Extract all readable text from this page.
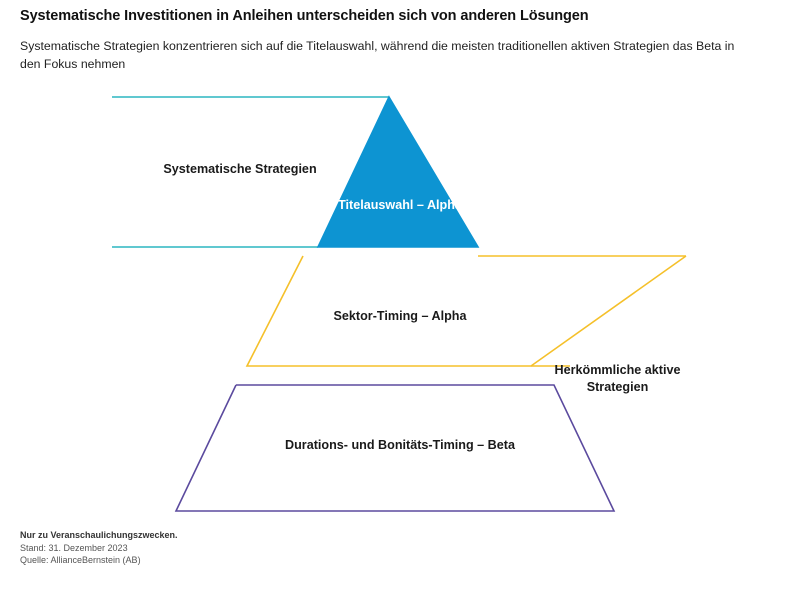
Systematische Investitionen in Anleihen unterscheiden sich von anderen Lösungen
Systematische Strategien konzentrieren sich auf die Titelauswahl, während die meisten traditionellen aktiven Strategien das Beta in den Fokus nehmen
Titelauswahl – Alpha
Sektor-Timing – Alpha
Durations- und Bonitäts-Timing – Beta
Systematische Strategien
Herkömmliche aktive Strategien
Nur zu Veranschaulichungszwecken.
Stand: 31. Dezember 2023
Quelle: AllianceBernstein (AB)
